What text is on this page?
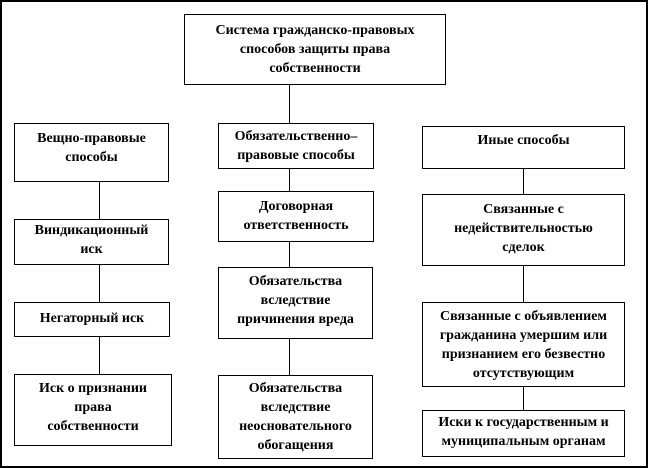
Система гражданско-правовых
способов защиты права
собственности
Вещно-правовые
способы
Виндикационный
иск
Негаторный иск
Иск о признании
права
собственности
Обязательственно–
правовые способы
Договорная
ответственность
Обязательства
вследствие
причинения вреда
Обязательства
вследствие
неосновательного
обогащения
Иные способы
Связанные с
недействительностью
сделок
Связанные с объявлением
гражданина умершим или
признанием его безвестно
отсутствующим
Иски к государственным и
муниципальным органам
